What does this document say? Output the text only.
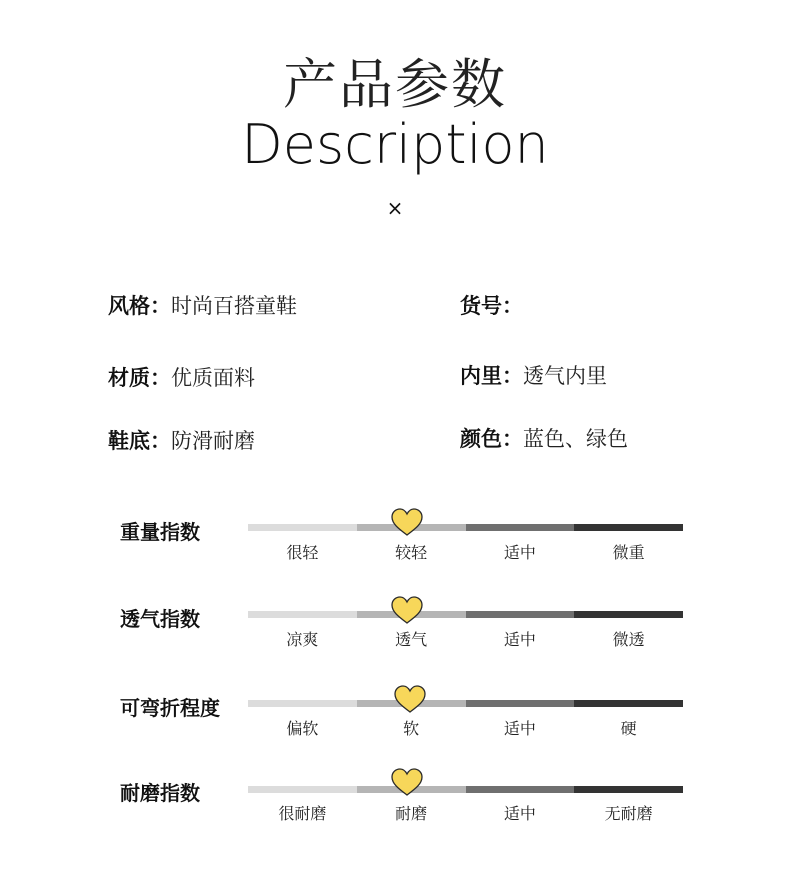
产品参数
Description
×
风格：时尚百搭童鞋	货号：
材质：优质面料	内里：透气内里
鞋底：防滑耐磨	颜色：蓝色、绿色
重量指数
很轻	较轻	适中	微重
透气指数
凉爽	透气	适中	微透
可弯折程度
偏软	软	适中	硬
耐磨指数
很耐磨	耐磨	适中	无耐磨
